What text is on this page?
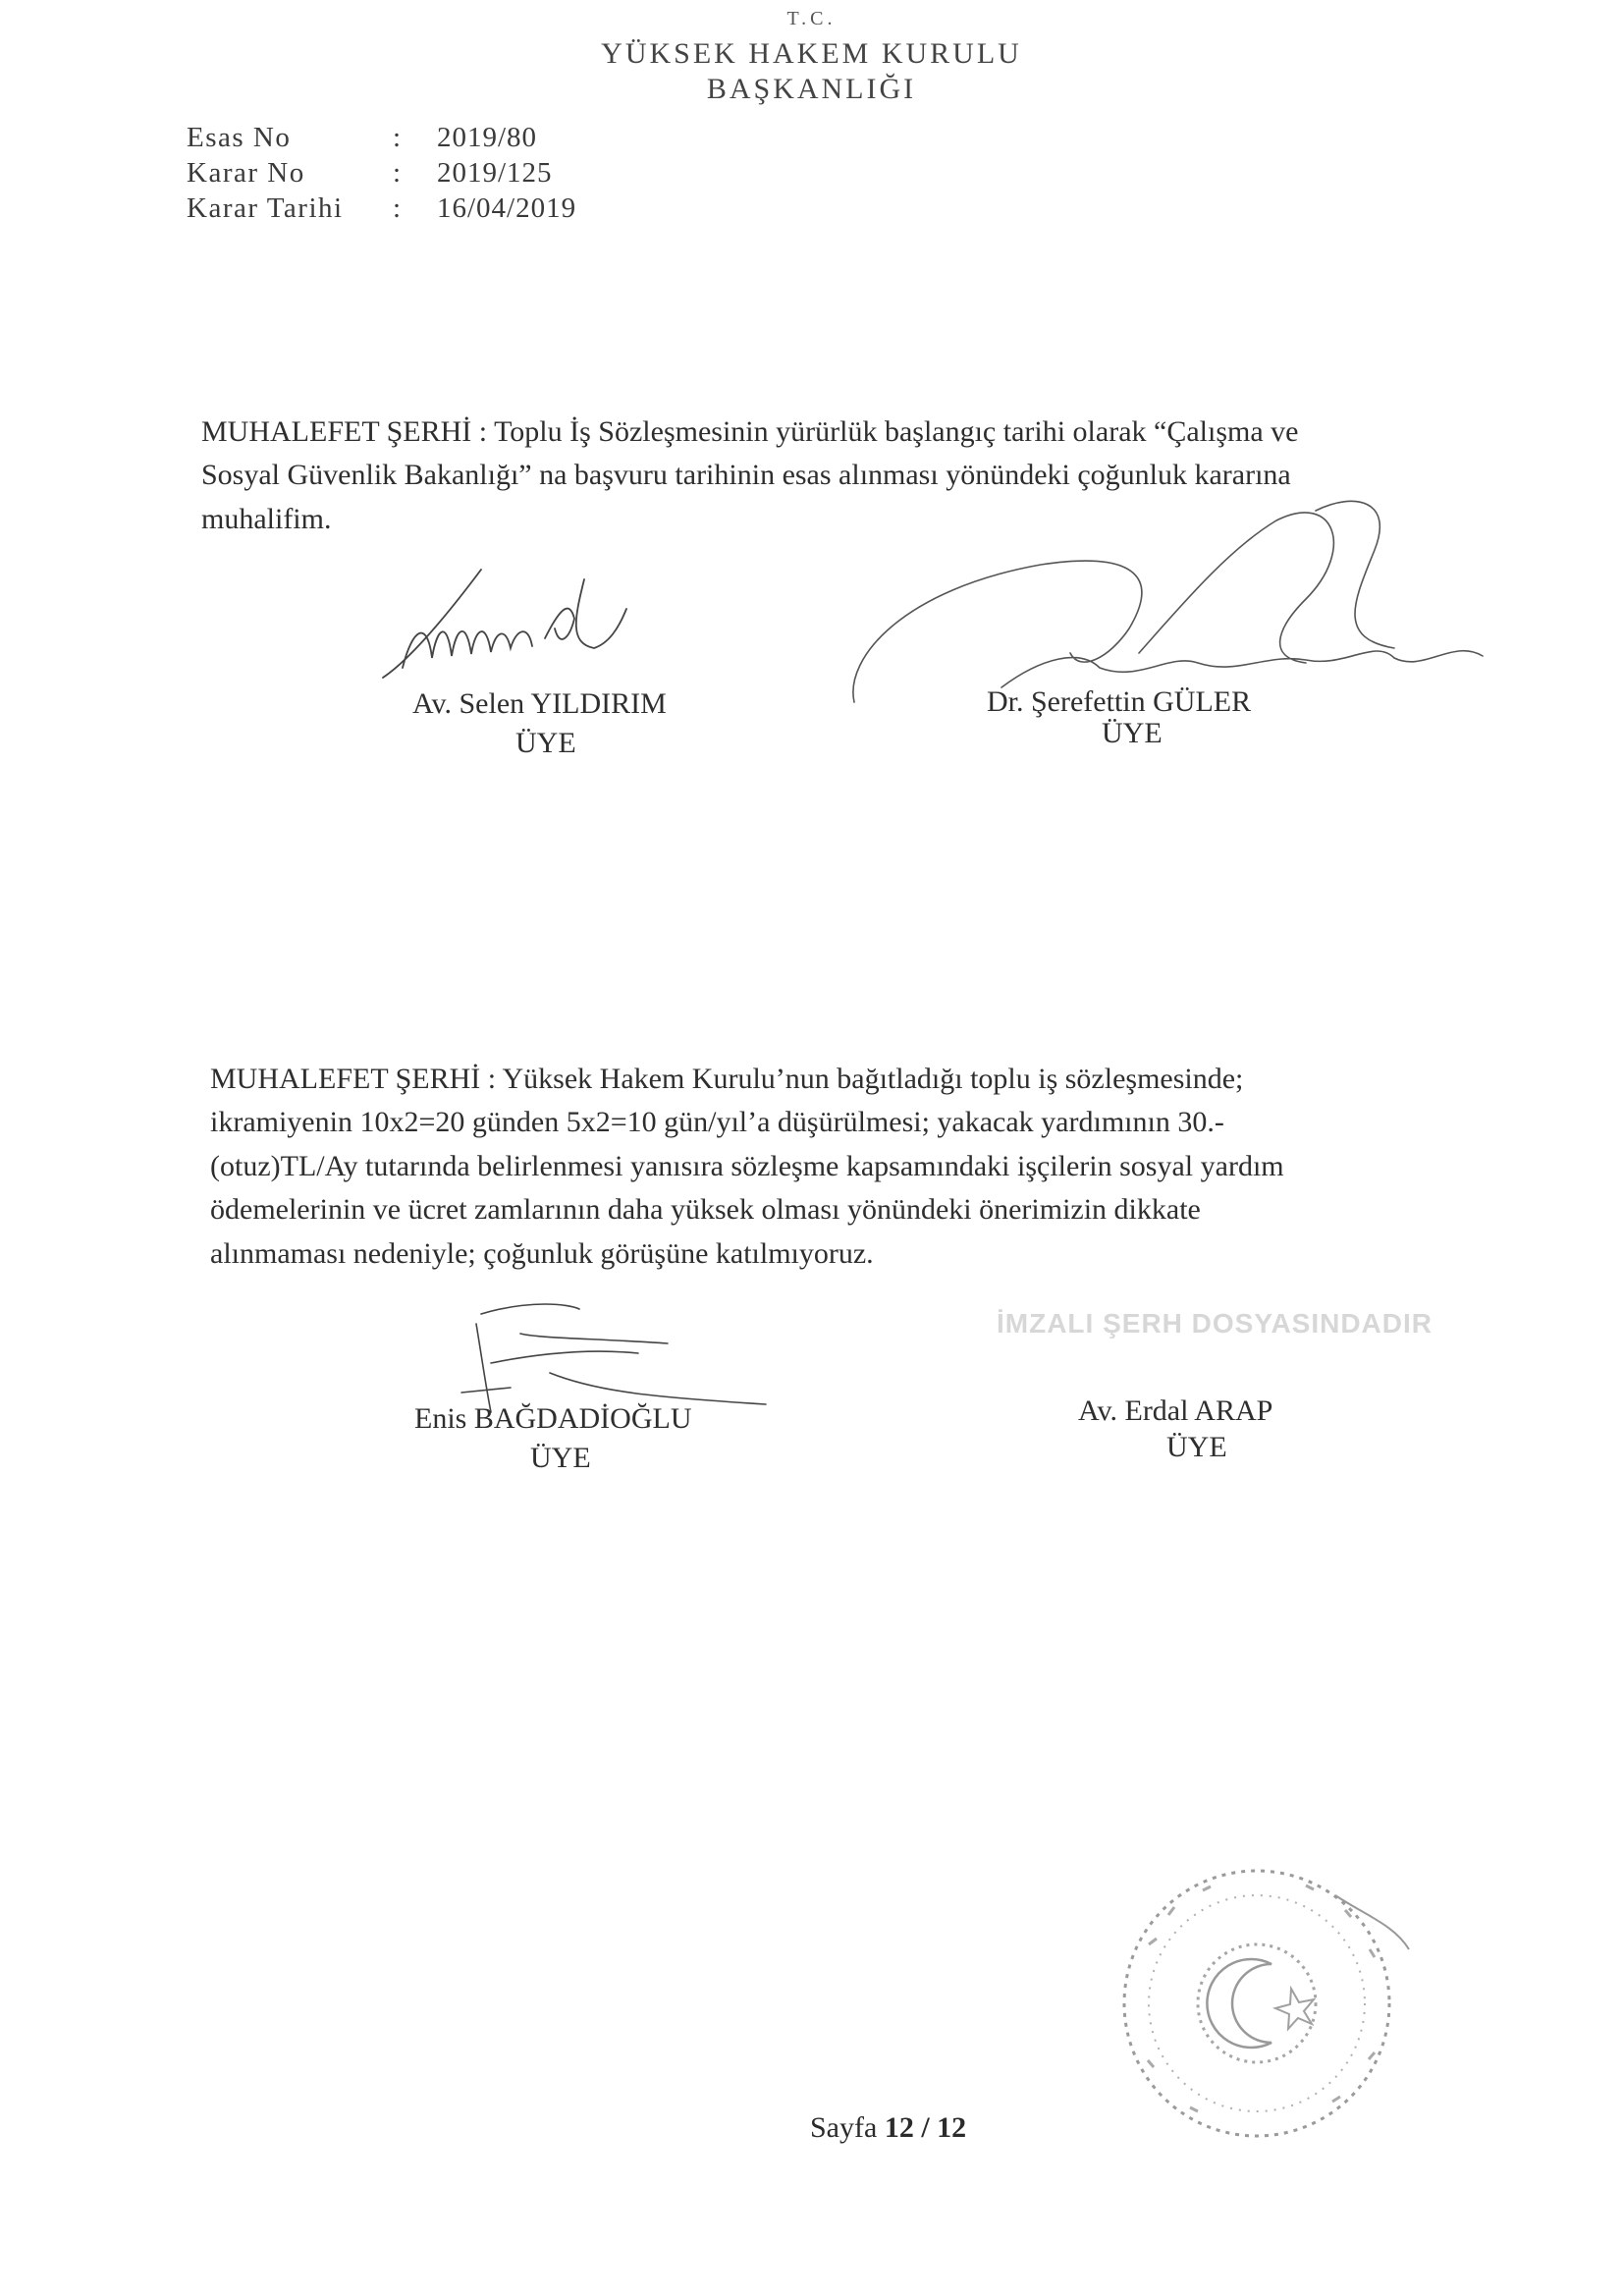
T.C.
YÜKSEK HAKEM KURULU
BAŞKANLIĞI
Esas No	: 2019/80
Karar No	: 2019/125
Karar Tarihi : 16/04/2019
MUHALEFET ŞERHİ : Toplu İş Sözleşmesinin yürürlük başlangıç tarihi olarak “Çalışma ve
Sosyal Güvenlik Bakanlığı” na başvuru tarihinin esas alınması yönündeki çoğunluk kararına
muhalifim.
Av. Selen YILDIRIM
ÜYE
Dr. Şerefettin GÜLER
ÜYE
MUHALEFET ŞERHİ : Yüksek Hakem Kurulu’nun bağıtladığı toplu iş sözleşmesinde;
ikramiyenin 10x2=20 günden 5x2=10 gün/yıl’a düşürülmesi; yakacak yardımının 30.-
(otuz)TL/Ay tutarında belirlenmesi yanısıra sözleşme kapsamındaki işçilerin sosyal yardım
ödemelerinin ve ücret zamlarının daha yüksek olması yönündeki önerimizin dikkate
alınmaması nedeniyle; çoğunluk görüşüne katılmıyoruz.
Enis BAĞDADİOĞLU
ÜYE
İMZALI ŞERH DOSYASINDADIR
Av. Erdal ARAP
ÜYE
Sayfa 12 / 12
